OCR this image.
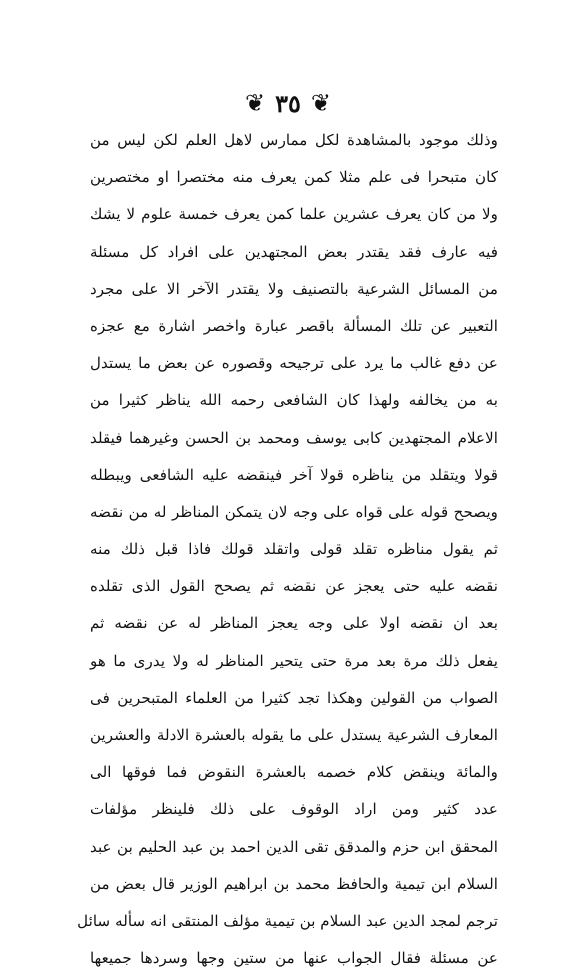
❦ ٣٥ ❦
وذلك موجود بالمشاهدة لكل ممارس لاهل العلم لكن ليس من
كان متبحرا فى علم مثلا كمن يعرف منه مختصرا او مختصرين
ولا من كان يعرف عشرين علما كمن يعرف خمسة علوم لا يشك
فيه عارف فقد يقتدر بعض المجتهدين على افراد كل مسئلة
من المسائل الشرعية بالتصنيف ولا يقتدر الآخر الا على مجرد
التعبير عن تلك المسألة باقصر عبارة واخصر اشارة مع عجزه
عن دفع غالب ما يرد على ترجيحه وقصوره عن بعض ما يستدل
به من يخالفه ولهذا كان الشافعى رحمه الله يناظر كثيرا من
الاعلام المجتهدين كابى يوسف ومحمد بن الحسن وغيرهما فيقلد
قولا ويتقلد من يناظره قولا آخر فينقضه عليه الشافعى ويبطله
ويصحح قوله على قواه على وجه لان يتمكن المناظر له من نقضه
ثم يقول مناظره تقلد قولى واتقلد قولك فاذا قبل ذلك منه
نقضه عليه حتى يعجز عن نقضه ثم يصحح القول الذى تقلده
بعد ان نقضه اولا على وجه يعجز المناظر له عن نقضه ثم
يفعل ذلك مرة بعد مرة حتى يتحير المناظر له ولا يدرى ما هو
الصواب من القولين وهكذا تجد كثيرا من العلماء المتبحرين فى
المعارف الشرعية يستدل على ما يقوله بالعشرة الادلة والعشرين
والمائة وينقض كلام خصمه بالعشرة النقوض فما فوقها الى
عدد كثير ومن اراد الوقوف على ذلك فلينظر مؤلفات
المحقق ابن حزم والمدقق تقى الدين احمد بن عبد الحليم بن عبد
السلام ابن تيمية والحافظ محمد بن ابراهيم الوزير قال بعض من
ترجم لمجد الدين عبد السلام بن تيمية مؤلف المنتقى انه سأله سائل
عن مسئلة فقال الجواب عنها من ستين وجها وسردها جميعها
